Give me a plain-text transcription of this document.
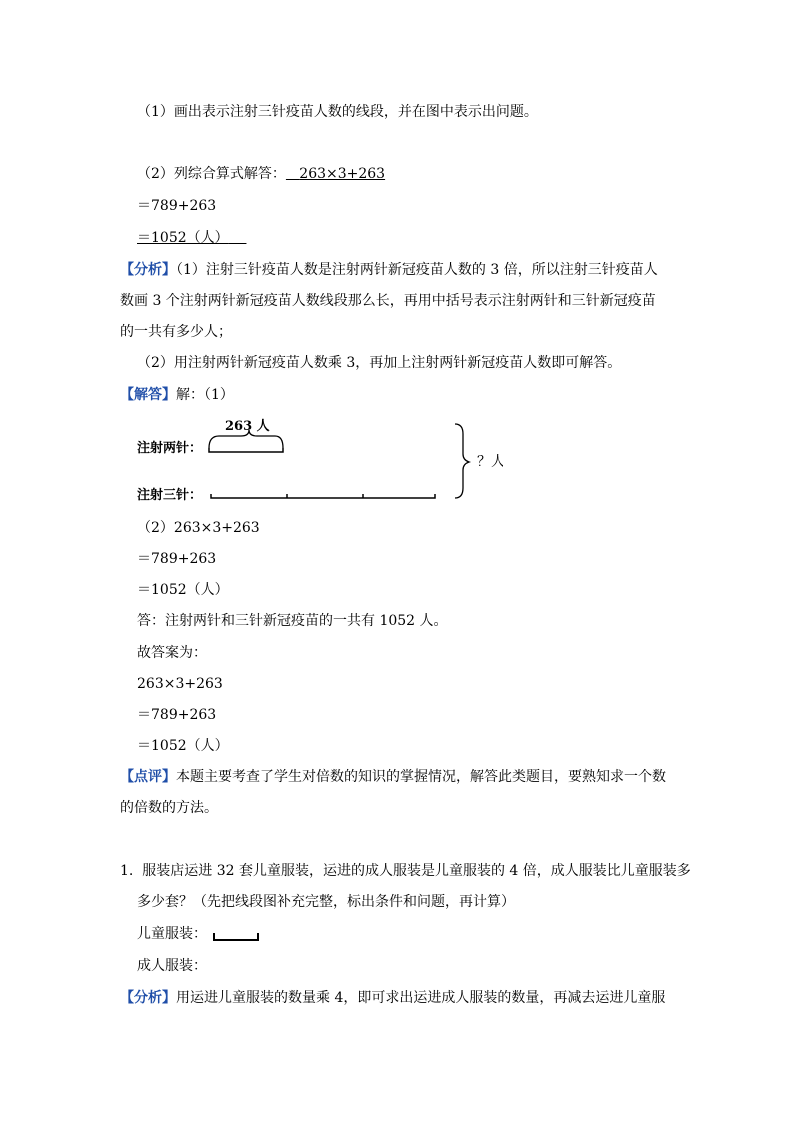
（1）画出表示注射三针疫苗人数的线段，并在图中表示出问题。
（2）列综合算式解答： 263×3+263
＝789+263
＝1052（人）
【分析】（1）注射三针疫苗人数是注射两针新冠疫苗人数的 3 倍，所以注射三针疫苗人
数画 3 个注射两针新冠疫苗人数线段那么长，再用中括号表示注射两针和三针新冠疫苗
的一共有多少人；
（2）用注射两针新冠疫苗人数乘 3，再加上注射两针新冠疫苗人数即可解答。
【解答】解：（1）
263 人
注射两针：
注射三针：
？人
（2）263×3+263
＝789+263
＝1052（人）
答：注射两针和三针新冠疫苗的一共有 1052 人。
故答案为：
263×3+263
＝789+263
＝1052（人）
【点评】本题主要考查了学生对倍数的知识的掌握情况，解答此类题目，要熟知求一个数
的倍数的方法。
1. 服装店运进 32 套儿童服装，运进的成人服装是儿童服装的 4 倍，成人服装比儿童服装多
多少套？（先把线段图补充完整，标出条件和问题，再计算）
儿童服装：
成人服装：
【分析】用运进儿童服装的数量乘 4，即可求出运进成人服装的数量，再减去运进儿童服
